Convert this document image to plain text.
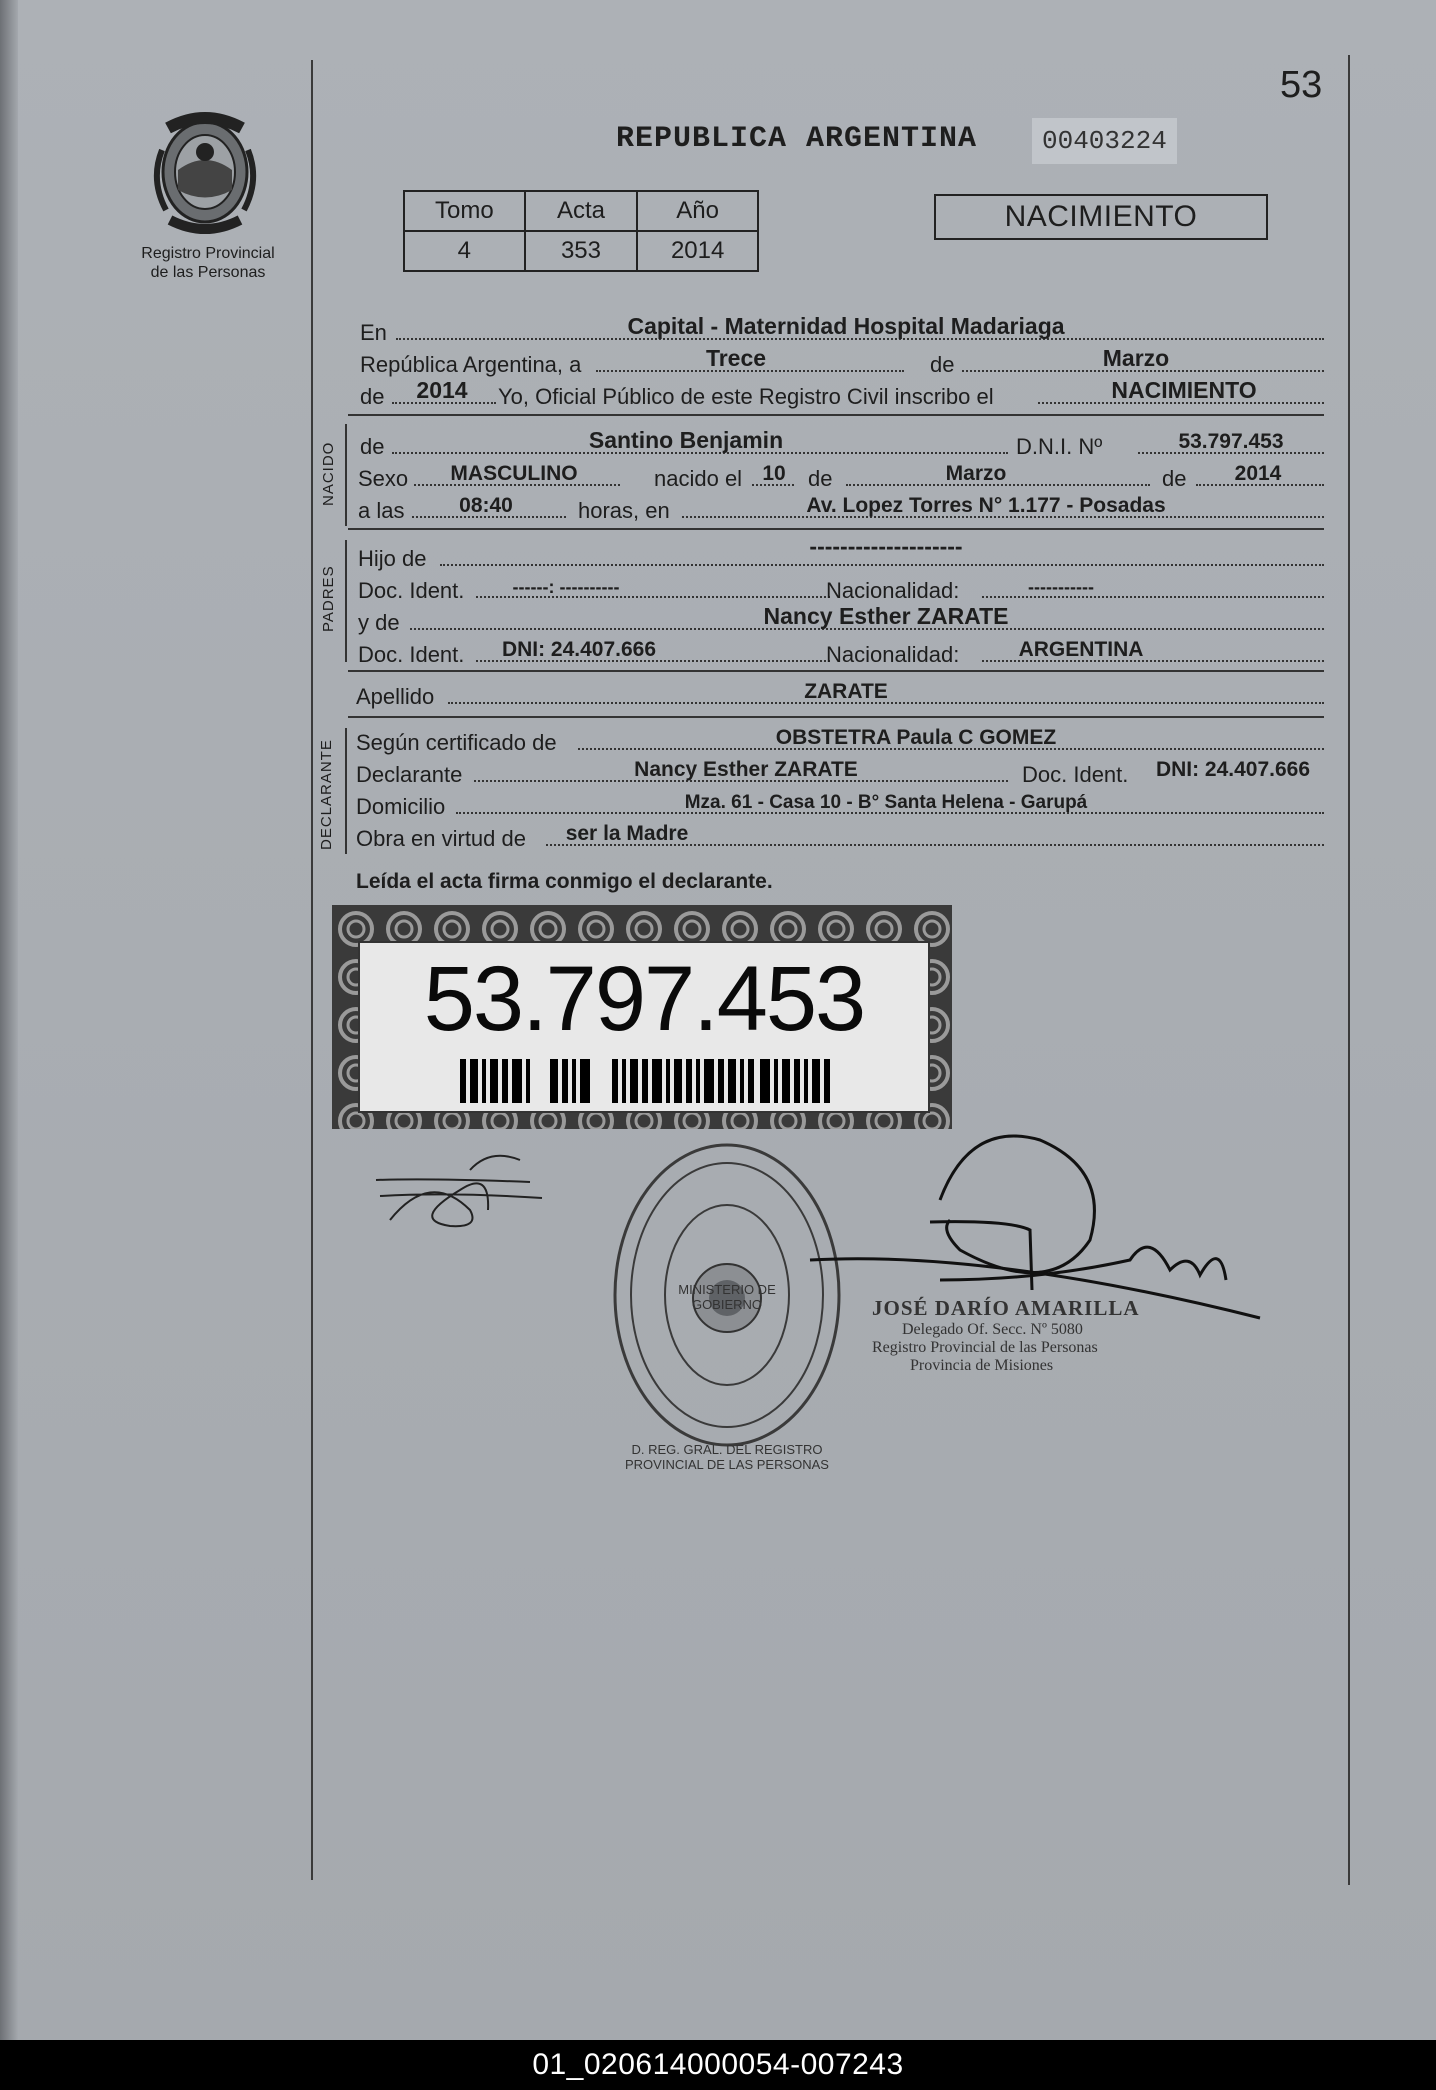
53
Registro Provincial
de las Personas
REPUBLICA ARGENTINA	00403224
Tomo	Acta	Año
4	353	2014
NACIMIENTO
En	Capital - Maternidad Hospital Madariaga
República Argentina, a	Trece	de	Marzo
de	2014	Yo, Oficial Público de este Registro Civil inscribo el	NACIMIENTO
NACIDO de	Santino Benjamin	D.N.I. Nº	53.797.453
Sexo	MASCULINO	nacido el 10	de	Marzo	de	2014
a las	08:40	horas, en	Av. Lopez Torres N° 1.177 - Posadas
PADRES
Hijo de	--------------------
Doc. Ident.	------: ----------	Nacionalidad:	-----------
y de	Nancy Esther ZARATE
Doc. Ident.	DNI: 24.407.666	Nacionalidad:	ARGENTINA
Apellido	ZARATE
DECLARANTE Según certificado de	OBSTETRA Paula C GOMEZ
Declarante	Nancy Esther ZARATE	Doc. Ident.	DNI: 24.407.666
Domicilio	Mza. 61 - Casa 10 - B° Santa Helena - Garupá
Obra en virtud de	ser la Madre
Leída el acta firma conmigo el declarante.
53.797.453
D. REG. GRAL. DEL REGISTRO PROVINCIAL DE LAS PERSONAS
MINISTERIO DE GOBIERNO	JOSÉ DARÍO AMARILLA
Delegado Of. Secc. Nº 5080
Registro Provincial de las Personas
Provincia de Misiones
01_020614000054-007243
